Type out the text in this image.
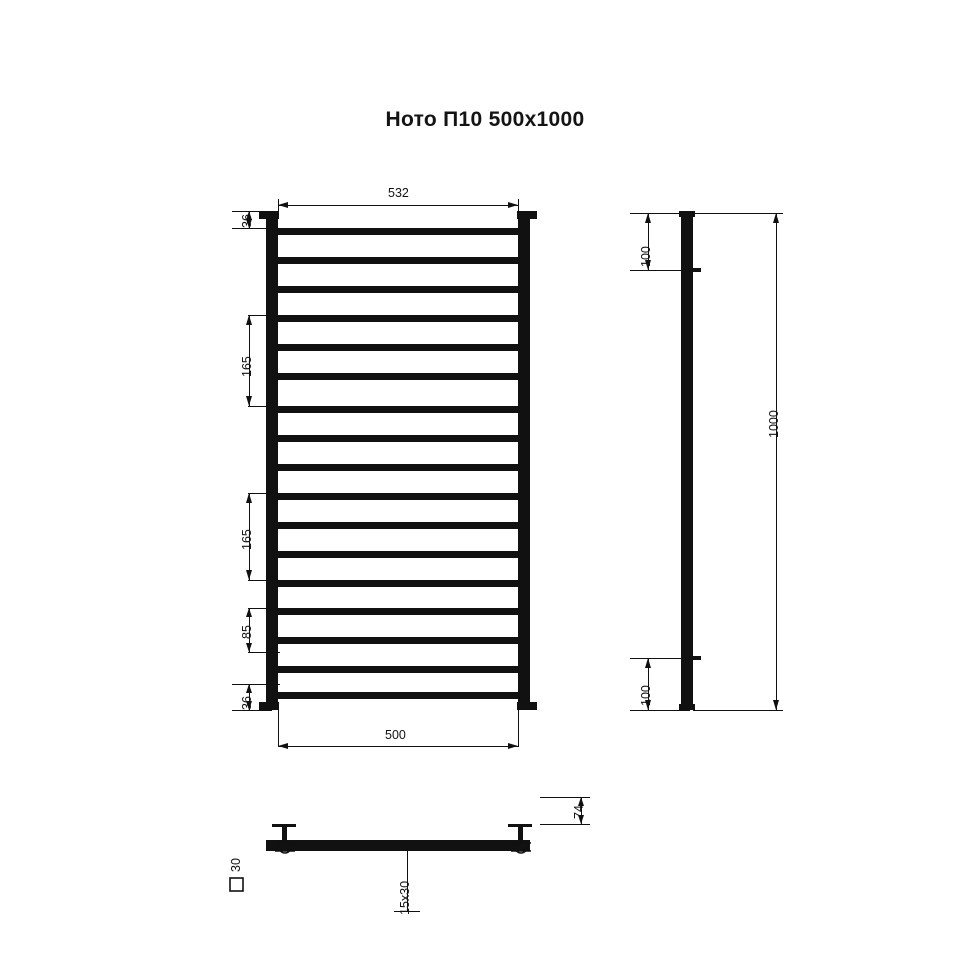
Ното П10 500x1000
532
36
165
165
85
36
500
100
1000
100
74
30
15x30
